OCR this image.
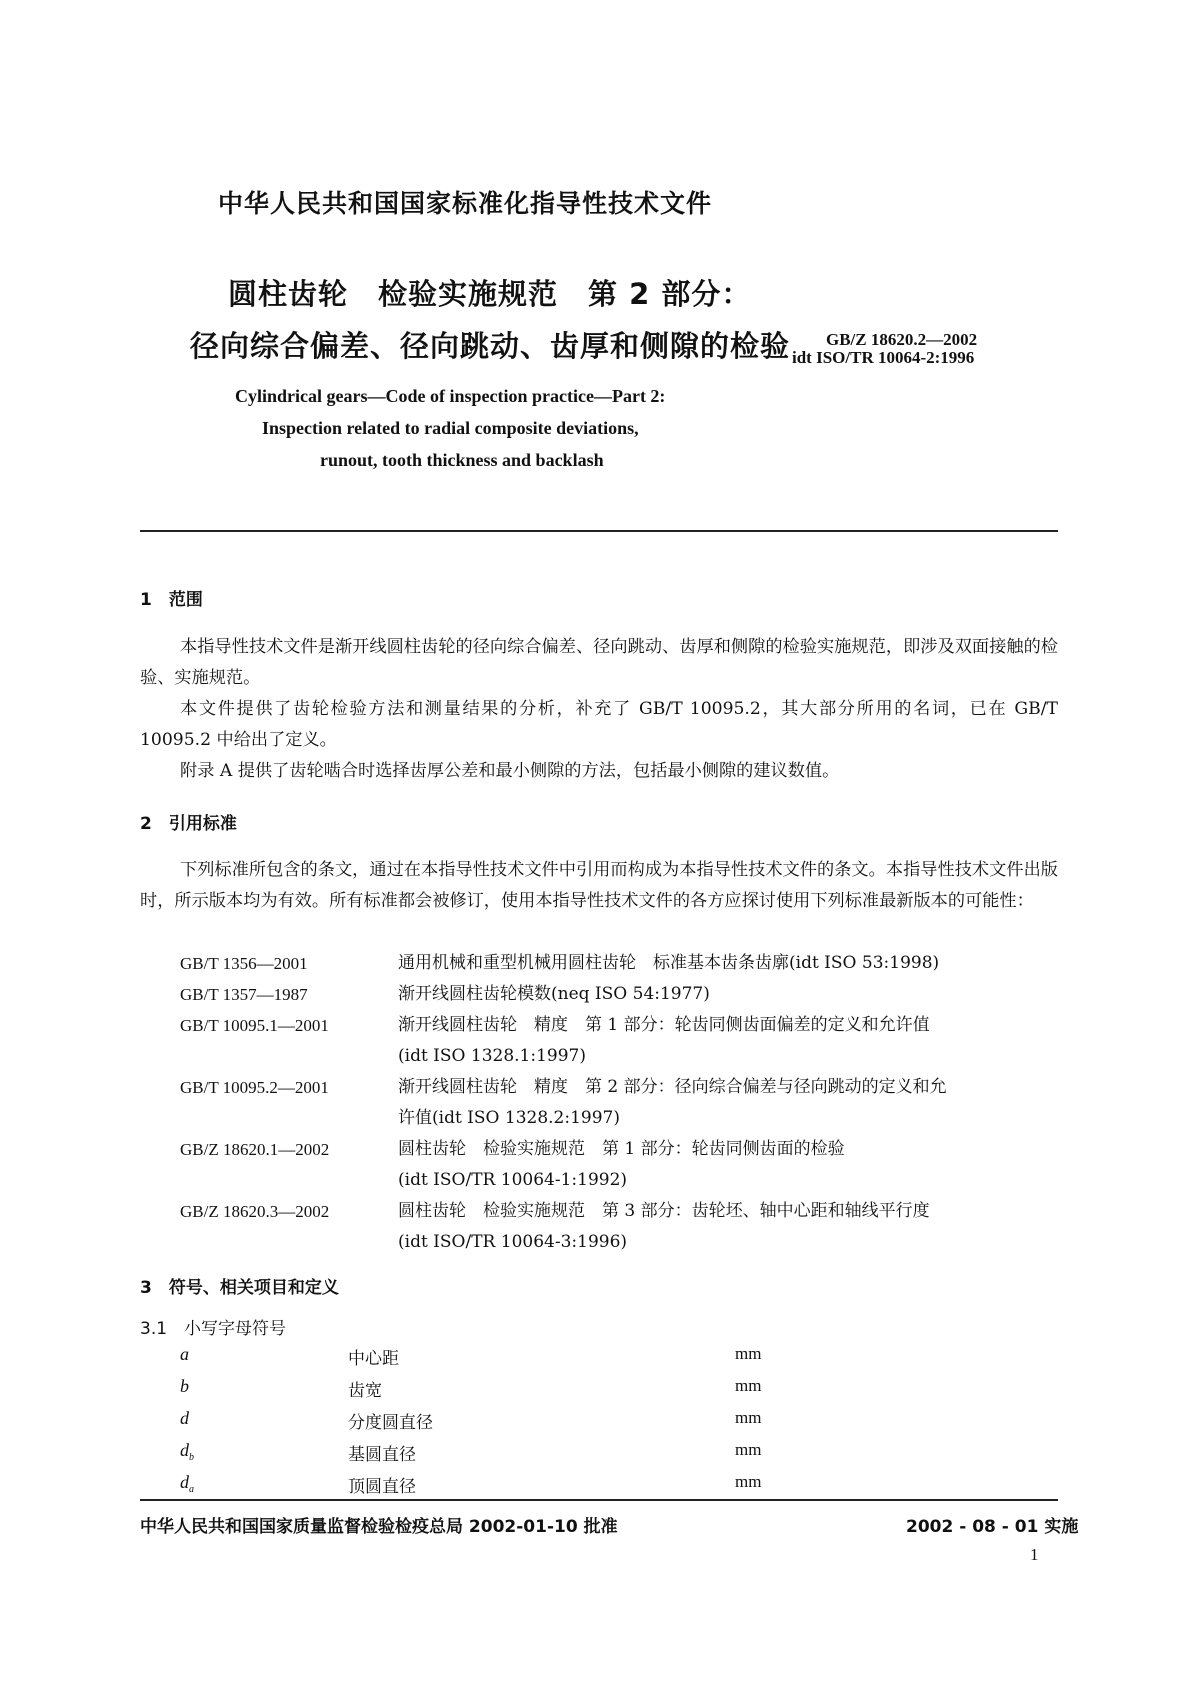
中华人民共和国国家标准化指导性技术文件
圆柱齿轮　检验实施规范　第 2 部分：
径向综合偏差、径向跳动、齿厚和侧隙的检验 GB/Z 18620.2—2002
idt ISO/TR 10064-2:1996
Cylindrical gears—Code of inspection practice—Part 2:
Inspection related to radial composite deviations,
runout, tooth thickness and backlash
1　范围
本指导性技术文件是渐开线圆柱齿轮的径向综合偏差、径向跳动、齿厚和侧隙的检验实施规范，即涉及双面接触的检验、实施规范。
本文件提供了齿轮检验方法和测量结果的分析，补充了 GB/T 10095.2，其大部分所用的名词，已在 GB/T 10095.2 中给出了定义。
附录 A 提供了齿轮啮合时选择齿厚公差和最小侧隙的方法，包括最小侧隙的建议数值。
2　引用标准
下列标准所包含的条文，通过在本指导性技术文件中引用而构成为本指导性技术文件的条文。本指导性技术文件出版时，所示版本均为有效。所有标准都会被修订，使用本指导性技术文件的各方应探讨使用下列标准最新版本的可能性：
GB/T 1356—2001	通用机械和重型机械用圆柱齿轮　标准基本齿条齿廓(idt ISO 53:1998)
GB/T 1357—1987	渐开线圆柱齿轮模数(neq ISO 54:1977)
GB/T 10095.1—2001	渐开线圆柱齿轮　精度　第 1 部分：轮齿同侧齿面偏差的定义和允许值
(idt ISO 1328.1:1997)
GB/T 10095.2—2001	渐开线圆柱齿轮　精度　第 2 部分：径向综合偏差与径向跳动的定义和允
许值(idt ISO 1328.2:1997)
GB/Z 18620.1—2002	圆柱齿轮　检验实施规范　第 1 部分：轮齿同侧齿面的检验
(idt ISO/TR 10064-1:1992)
GB/Z 18620.3—2002	圆柱齿轮　检验实施规范　第 3 部分：齿轮坯、轴中心距和轴线平行度
(idt ISO/TR 10064-3:1996)
3　符号、相关项目和定义
3.1　小写字母符号
a	中心距	mm
b	齿宽	mm
d	分度圆直径	mm
$d_b$	基圆直径	mm
$d_a$	顶圆直径	mm
中华人民共和国国家质量监督检验检疫总局 2002-01-10 批准	2002 - 08 - 01 实施
1
